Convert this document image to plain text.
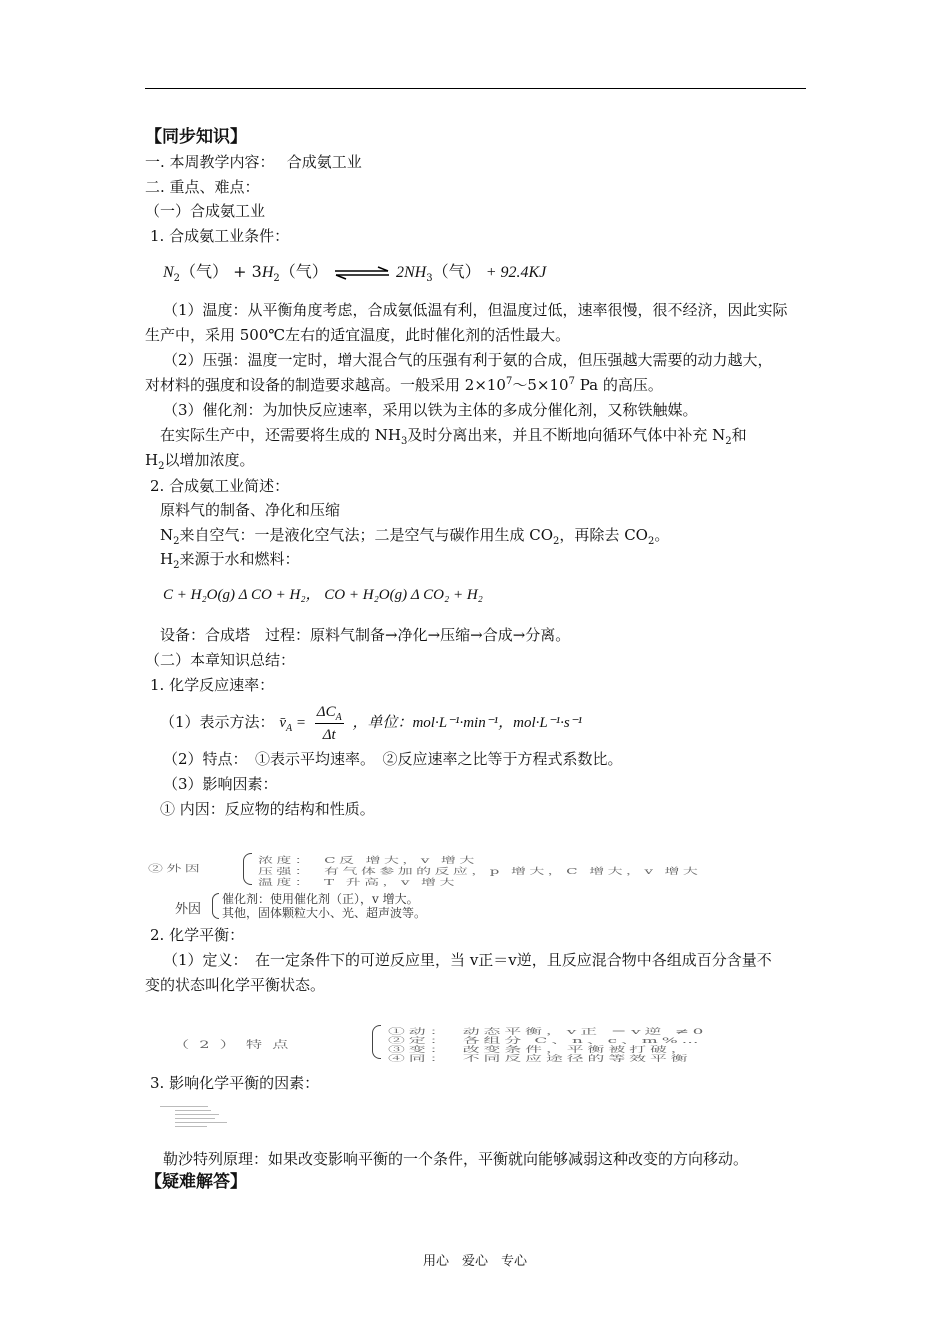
【同步知识】
一. 本周教学内容：　 合成氨工业
二. 重点、难点：
（一）合成氨工业
1. 合成氨工业条件：
$N_2$（气） + $3H_2$（气） ⇌ $2NH_3$（气） + 92.4KJ
（1）温度：从平衡角度考虑，合成氨低温有利，但温度过低，速率很慢，很不经济，因此实际
生产中，采用 500℃左右的适宜温度，此时催化剂的活性最大。
（2）压强：温度一定时，增大混合气的压强有利于氨的合成，但压强越大需要的动力越大，
对材料的强度和设备的制造要求越高。一般采用 $2\times 10^7\sim 5\times 10^7$ Pa 的高压。
（3）催化剂：为加快反应速率，采用以铁为主体的多成分催化剂，又称铁触媒。
在实际生产中，还需要将生成的 $NH_3$及时分离出来，并且不断地向循环气体中补充 $N_2$和
$H_2$以增加浓度。
2. 合成氨工业简述：
原料气的制备、净化和压缩
$N_2$来自空气：一是液化空气法；二是空气与碳作用生成 $CO_2$，再除去 $CO_2$。
$H_2$来源于水和燃料：
C + H₂O(g) Δ CO + H₂， CO + H₂O(g) Δ CO₂ + H₂
设备：合成塔　过程：原料气制备→净化→压缩→合成→分离。
（二）本章知识总结：
1. 化学反应速率：
（1）表示方法： $v̄_A = \frac{\Delta C_A}{\Delta t}$ ，单位：mol·L⁻¹·min⁻¹，mol·L⁻¹·s⁻¹
（2）特点：　①表示平均速率。　②反应速率之比等于方程式系数比。
（3）影响因素：
① 内因：反应物的结构和性质。
②外因
浓度：　C反 增大，v 增大
压强：　有气体参加的反应，p 增大，C 增大，v 增大
温度：　T 升高，v 增大
外因
催化剂：使用催化剂（正），v 增大。
其他，固体颗粒大小、光、超声波等。
2. 化学平衡：
（1）定义：　在一定条件下的可逆反应里，当 v正＝v逆，且反应混合物中各组成百分含量不
变的状态叫化学平衡状态。
（2）特点
①动：　动态平衡，v正 ＝v逆 ≠0
②定：　各组分 C、n、c、m%…
③变：　改变条件，平衡被打破，
④同：　不同反应途径的等效平衡
3. 影响化学平衡的因素：
勒沙特列原理：如果改变影响平衡的一个条件，平衡就向能够减弱这种改变的方向移动。
【疑难解答】
用心　爱心　专心
